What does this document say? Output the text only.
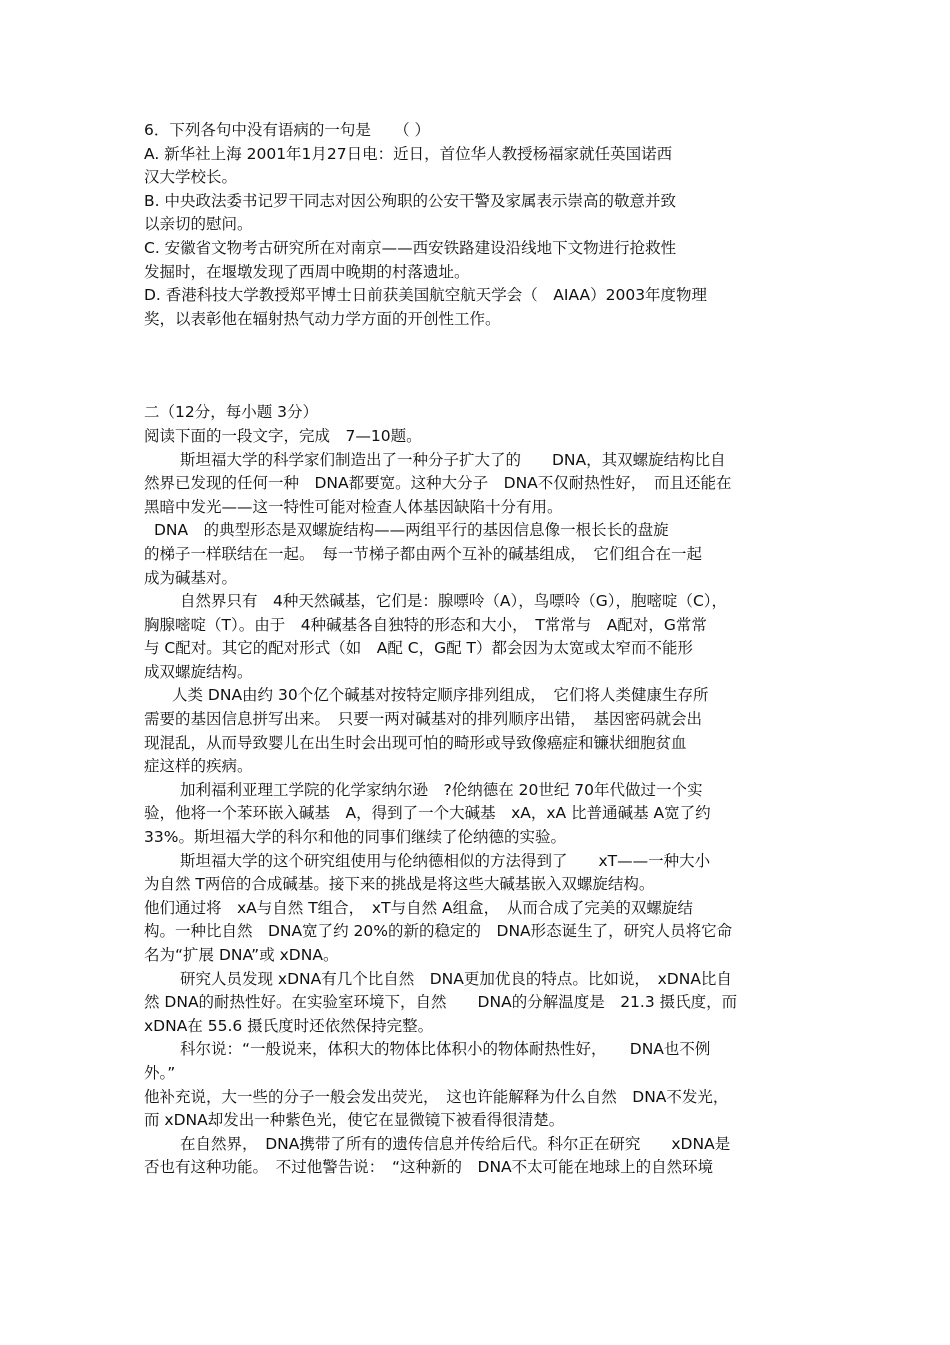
6．下列各句中没有语病的一句是　　（ ）
A. 新华社上海 2001年1月27日电：近日，首位华人教授杨福家就任英国诺西
汉大学校长。
B. 中央政法委书记罗干同志对因公殉职的公安干警及家属表示崇高的敬意并致
以亲切的慰问。
C. 安徽省文物考古研究所在对南京——西安铁路建设沿线地下文物进行抢救性
发掘时，在堰墩发现了西周中晚期的村落遗址。
D. 香港科技大学教授郑平博士日前获美国航空航天学会（　AIAA）2003年度物理
奖，以表彰他在辐射热气动力学方面的开创性工作。
二（12分，每小题 3分）
阅读下面的一段文字，完成　7—10题。
斯坦福大学的科学家们制造出了一种分子扩大了的　　DNA，其双螺旋结构比自
然界已发现的任何一种　DNA都要宽。这种大分子　DNA不仅耐热性好，　而且还能在
黑暗中发光——这一特性可能对检查人体基因缺陷十分有用。
DNA　的典型形态是双螺旋结构——两组平行的基因信息像一根长长的盘旋
的梯子一样联结在一起。　每一节梯子都由两个互补的碱基组成，　它们组合在一起
成为碱基对。
自然界只有　4种天然碱基，它们是：腺嘌呤（A），鸟嘌呤（G），胞嘧啶（C），
胸腺嘧啶（T）。由于　4种碱基各自独特的形态和大小，　T常常与　A配对，G常常
与 C配对。其它的配对形式（如　A配 C，G配 T）都会因为太宽或太窄而不能形
成双螺旋结构。
人类 DNA由约 30个亿个碱基对按特定顺序排列组成，　它们将人类健康生存所
需要的基因信息拼写出来。　只要一两对碱基对的排列顺序出错，　基因密码就会出
现混乱，从而导致婴儿在出生时会出现可怕的畸形或导致像癌症和镰状细胞贫血
症这样的疾病。
加利福利亚理工学院的化学家纳尔逊　?伦纳德在 20世纪 70年代做过一个实
验，他将一个苯环嵌入碱基　A，得到了一个大碱基　xA，xA 比普通碱基 A宽了约
33%。斯坦福大学的科尔和他的同事们继续了伦纳德的实验。
斯坦福大学的这个研究组使用与伦纳德相似的方法得到了　　xT——一种大小
为自然 T两倍的合成碱基。接下来的挑战是将这些大碱基嵌入双螺旋结构。
他们通过将　xA与自然 T组合，　xT与自然 A组盒，　从而合成了完美的双螺旋结
构。一种比自然　DNA宽了约 20%的新的稳定的　DNA形态诞生了，研究人员将它命
名为“扩展 DNA”或 xDNA。
研究人员发现 xDNA有几个比自然　DNA更加优良的特点。比如说，　xDNA比自
然 DNA的耐热性好。在实验室环境下，自然　　DNA的分解温度是　21.3 摄氏度，而
xDNA在 55.6 摄氏度时还依然保持完整。
科尔说：“一般说来，体积大的物体比体积小的物体耐热性好，　　DNA也不例
外。”
他补充说，大一些的分子一般会发出荧光，　这也许能解释为什么自然　DNA不发光，
而 xDNA却发出一种紫色光，使它在显微镜下被看得很清楚。
在自然界，　DNA携带了所有的遗传信息并传给后代。科尔正在研究　　xDNA是
否也有这种功能。　不过他警告说：　“这种新的　DNA不太可能在地球上的自然环境
